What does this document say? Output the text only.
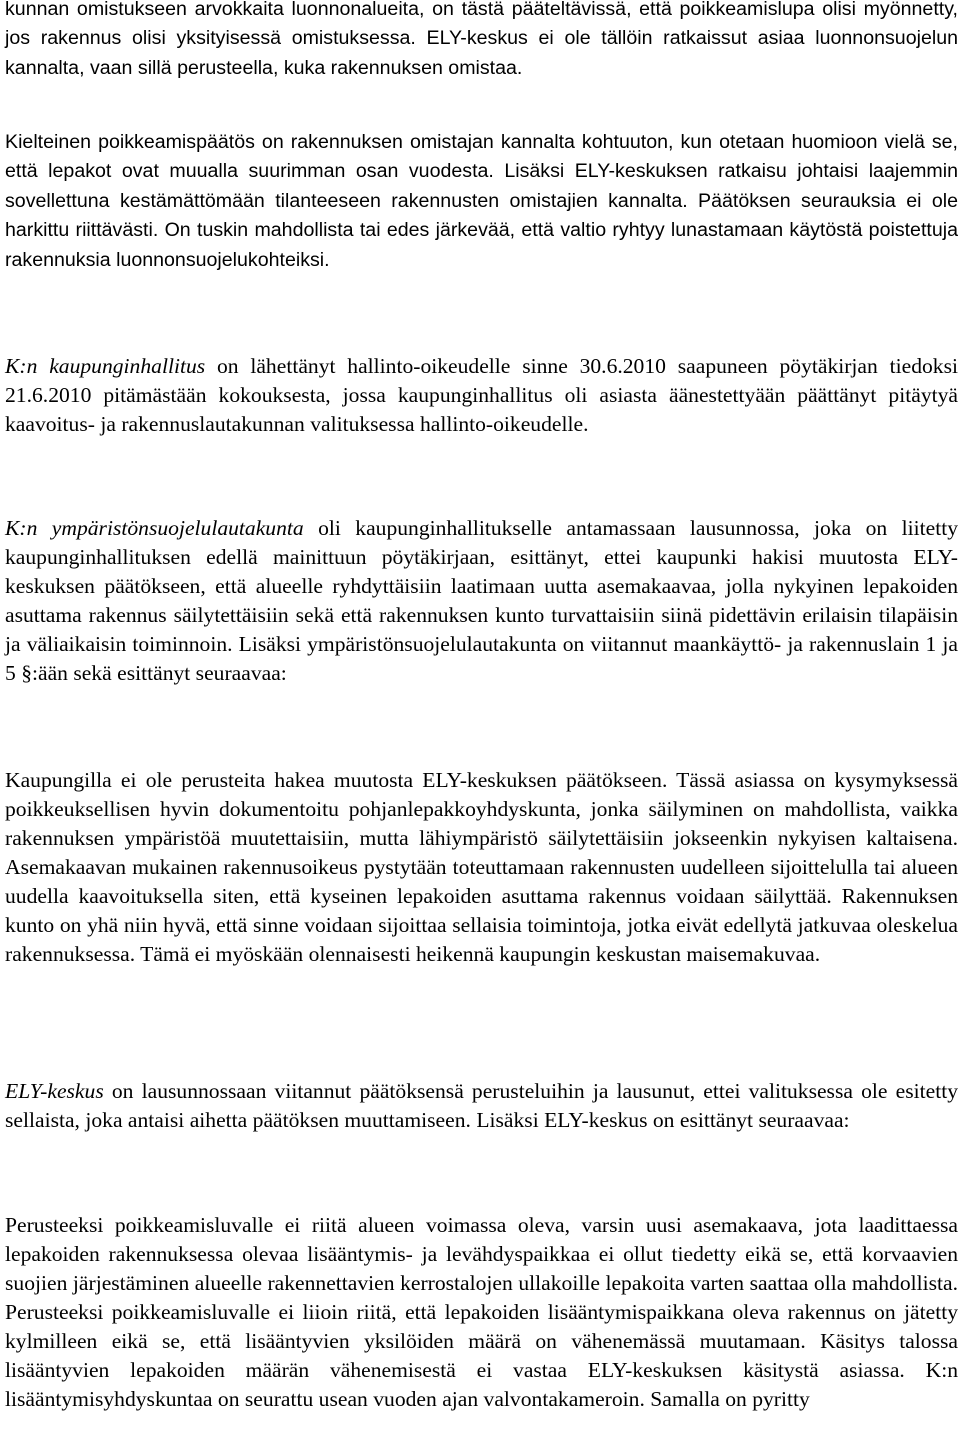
kunnan omistukseen arvokkaita luonnonalueita, on tästä pääteltävissä, että poikkeamislupa olisi myönnetty, jos rakennus olisi yksityisessä omistuksessa. ELY-keskus ei ole tällöin ratkaissut asiaa luonnonsuojelun kannalta, vaan sillä perusteella, kuka rakennuksen omistaa.

Kielteinen poikkeamispäätös on rakennuksen omistajan kannalta kohtuuton, kun otetaan huomioon vielä se, että lepakot ovat muualla suurimman osan vuodesta. Lisäksi ELY-keskuksen ratkaisu johtaisi laajemmin sovellettuna kestämättömään tilanteeseen rakennusten omistajien kannalta. Päätöksen seurauksia ei ole harkittu riittävästi. On tuskin mahdollista tai edes järkevää, että valtio ryhtyy lunastamaan käytöstä poistettuja rakennuksia luonnonsuojelukohteiksi.

K:n kaupunginhallitus on lähettänyt hallinto-oikeudelle sinne 30.6.2010 saapuneen pöytäkirjan tiedoksi 21.6.2010 pitämästään kokouksesta, jossa kaupunginhallitus oli asiasta äänestettyään päättänyt pitäytyä kaavoitus- ja rakennuslautakunnan valituksessa hallinto-oikeudelle.

K:n ympäristönsuojelulautakunta oli kaupunginhallitukselle antamassaan lausunnossa, joka on liitetty kaupunginhallituksen edellä mainittuun pöytäkirjaan, esittänyt, ettei kaupunki hakisi muutosta ELY-keskuksen päätökseen, että alueelle ryhdyttäisiin laatimaan uutta asemakaavaa, jolla nykyinen lepakoiden asuttama rakennus säilytettäisiin sekä että rakennuksen kunto turvattaisiin siinä pidettävin erilaisin tilapäisin ja väliaikaisin toiminnoin. Lisäksi ympäristönsuojelulautakunta on viitannut maankäyttö- ja rakennuslain 1 ja 5 §:ään sekä esittänyt seuraavaa:

Kaupungilla ei ole perusteita hakea muutosta ELY-keskuksen päätökseen. Tässä asiassa on kysymyksessä poikkeuksellisen hyvin dokumentoitu pohjanlepakkoyhdyskunta, jonka säilyminen on mahdollista, vaikka rakennuksen ympäristöä muutettaisiin, mutta lähiympäristö säilytettäisiin jokseenkin nykyisen kaltaisena. Asemakaavan mukainen rakennusoikeus pystytään toteuttamaan rakennusten uudelleen sijoittelulla tai alueen uudella kaavoituksella siten, että kyseinen lepakoiden asuttama rakennus voidaan säilyttää. Rakennuksen kunto on yhä niin hyvä, että sinne voidaan sijoittaa sellaisia toimintoja, jotka eivät edellytä jatkuvaa oleskelua rakennuksessa. Tämä ei myöskään olennaisesti heikennä kaupungin keskustan maisemakuvaa.

ELY-keskus on lausunnossaan viitannut päätöksensä perusteluihin ja lausunut, ettei valituksessa ole esitetty sellaista, joka antaisi aihetta päätöksen muuttamiseen. Lisäksi ELY-keskus on esittänyt seuraavaa:

Perusteeksi poikkeamisluvalle ei riitä alueen voimassa oleva, varsin uusi asemakaava, jota laadittaessa lepakoiden rakennuksessa olevaa lisääntymis- ja levähdyspaikkaa ei ollut tiedetty eikä se, että korvaavien suojien järjestäminen alueelle rakennettavien kerrostalojen ullakoille lepakoita varten saattaa olla mahdollista. Perusteeksi poikkeamisluvalle ei liioin riitä, että lepakoiden lisääntymispaikkana oleva rakennus on jätetty kylmilleen eikä se, että lisääntyvien yksilöiden määrä on vähenemässä muutamaan. Käsitys talossa lisääntyvien lepakoiden määrän vähenemisestä ei vastaa ELY-keskuksen käsitystä asiassa. K:n lisääntymisyhdyskuntaa on seurattu usean vuoden ajan valvontakameroin. Samalla on pyritty
